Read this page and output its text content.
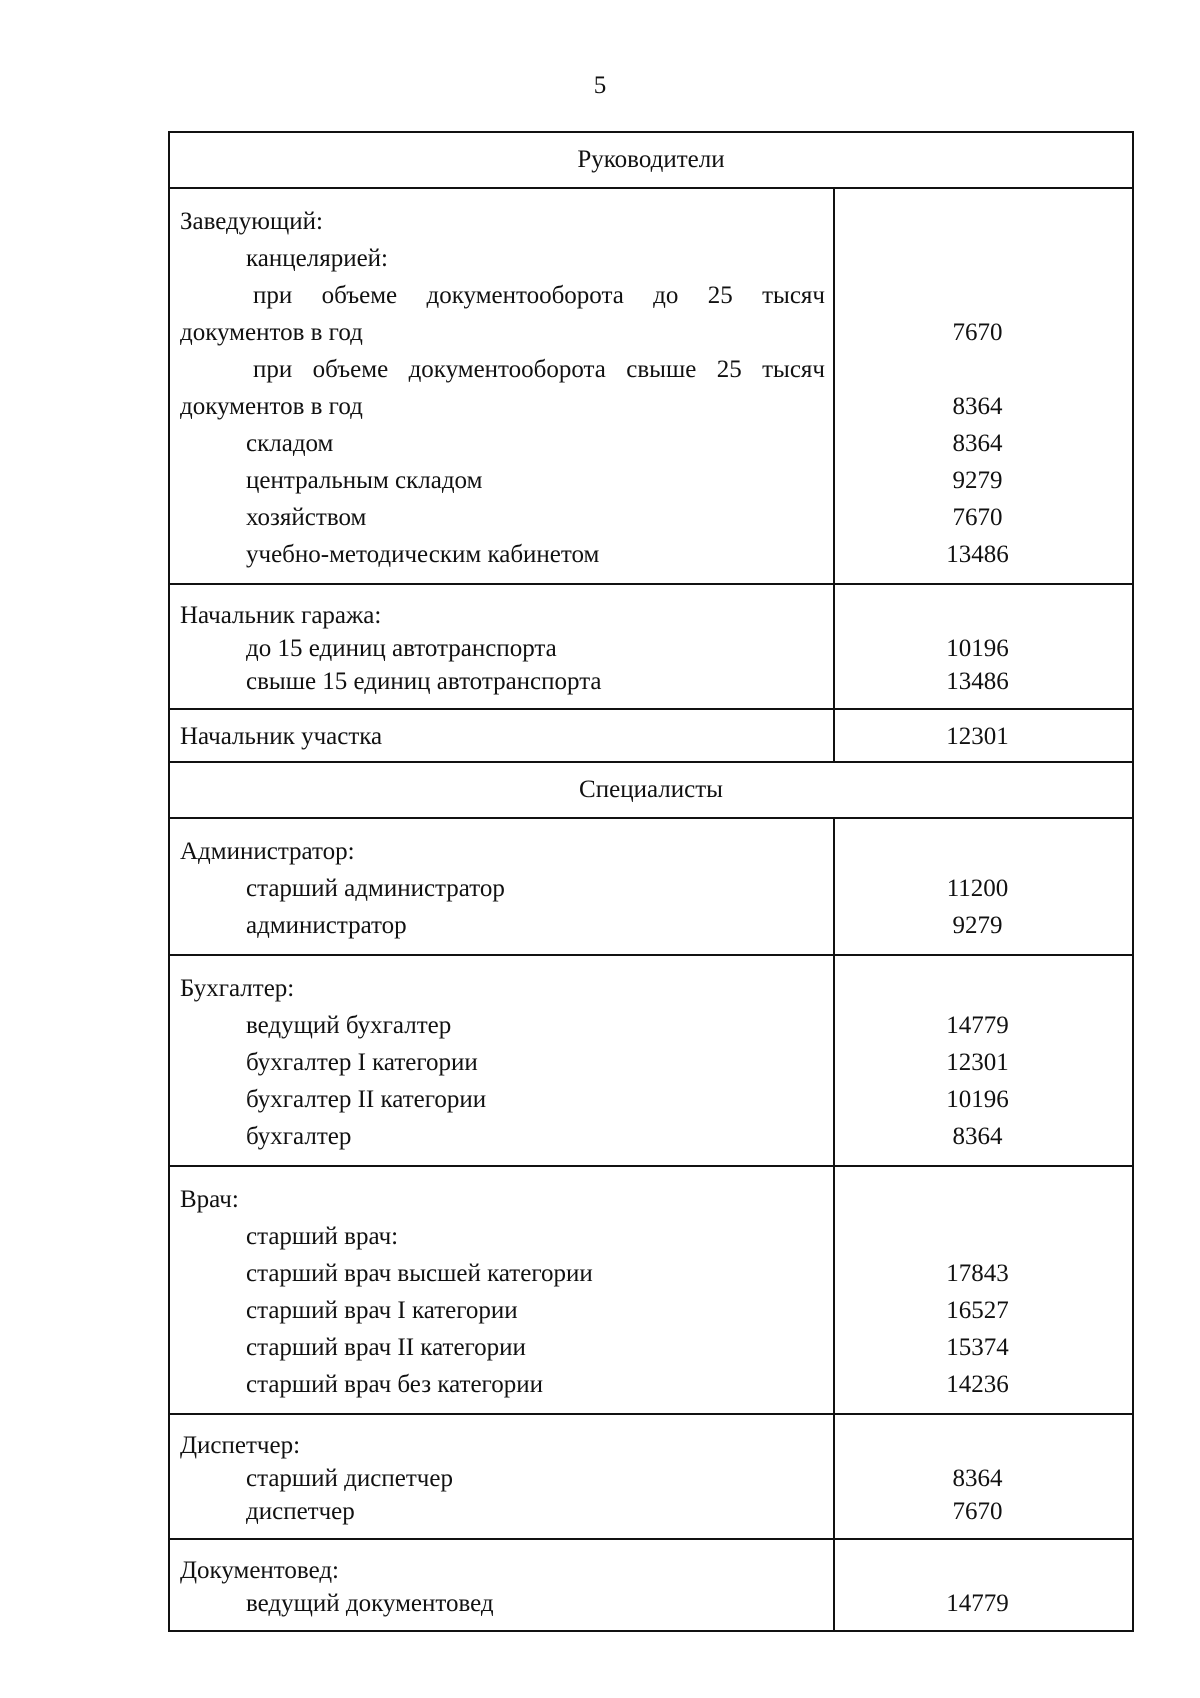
5
Руководители
Заведующий:
канцелярией:
при объеме документооборота до 25 тысяч
документов в год
при объеме документооборота свыше 25 тысяч
документов в год
складом
центральным складом
хозяйством
учебно-методическим кабинетом
7670
8364
8364
9279
7670
13486
Начальник гаража:
до 15 единиц автотранспорта
свыше 15 единиц автотранспорта
10196
13486
Начальник участка	12301
Специалисты
Администратор:
старший администратор
администратор
11200
9279
Бухгалтер:
ведущий бухгалтер
бухгалтер I категории
бухгалтер II категории
бухгалтер
14779
12301
10196
8364
Врач:
старший врач:
старший врач высшей категории
старший врач I категории
старший врач II категории
старший врач без категории
17843
16527
15374
14236
Диспетчер:
старший диспетчер
диспетчер
8364
7670
Документовед:
ведущий документовед	14779
